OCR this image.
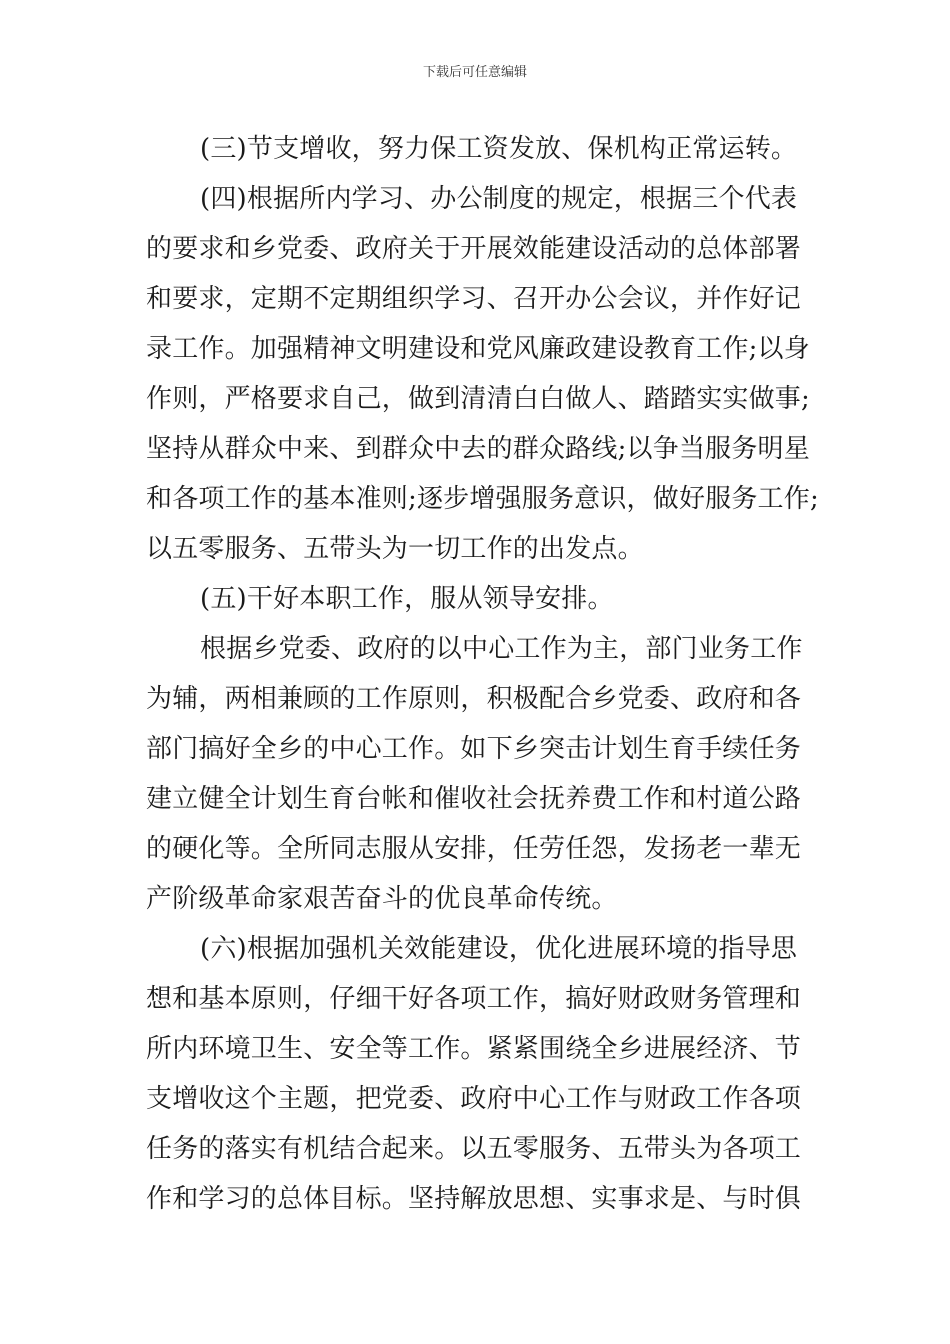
下载后可任意编辑
(三)节支增收，努力保工资发放、保机构正常运转。
(四)根据所内学习、办公制度的规定，根据三个代表
的要求和乡党委、政府关于开展效能建设活动的总体部署
和要求，定期不定期组织学习、召开办公会议，并作好记
录工作。加强精神文明建设和党风廉政建设教育工作;以身
作则，严格要求自己，做到清清白白做人、踏踏实实做事;
坚持从群众中来、到群众中去的群众路线;以争当服务明星
和各项工作的基本准则;逐步增强服务意识，做好服务工作;
以五零服务、五带头为一切工作的出发点。
(五)干好本职工作，服从领导安排。
根据乡党委、政府的以中心工作为主，部门业务工作
为辅，两相兼顾的工作原则，积极配合乡党委、政府和各
部门搞好全乡的中心工作。如下乡突击计划生育手续任务
建立健全计划生育台帐和催收社会抚养费工作和村道公路
的硬化等。全所同志服从安排，任劳任怨，发扬老一辈无
产阶级革命家艰苦奋斗的优良革命传统。
(六)根据加强机关效能建设，优化进展环境的指导思
想和基本原则，仔细干好各项工作，搞好财政财务管理和
所内环境卫生、安全等工作。紧紧围绕全乡进展经济、节
支增收这个主题，把党委、政府中心工作与财政工作各项
任务的落实有机结合起来。以五零服务、五带头为各项工
作和学习的总体目标。坚持解放思想、实事求是、与时俱
